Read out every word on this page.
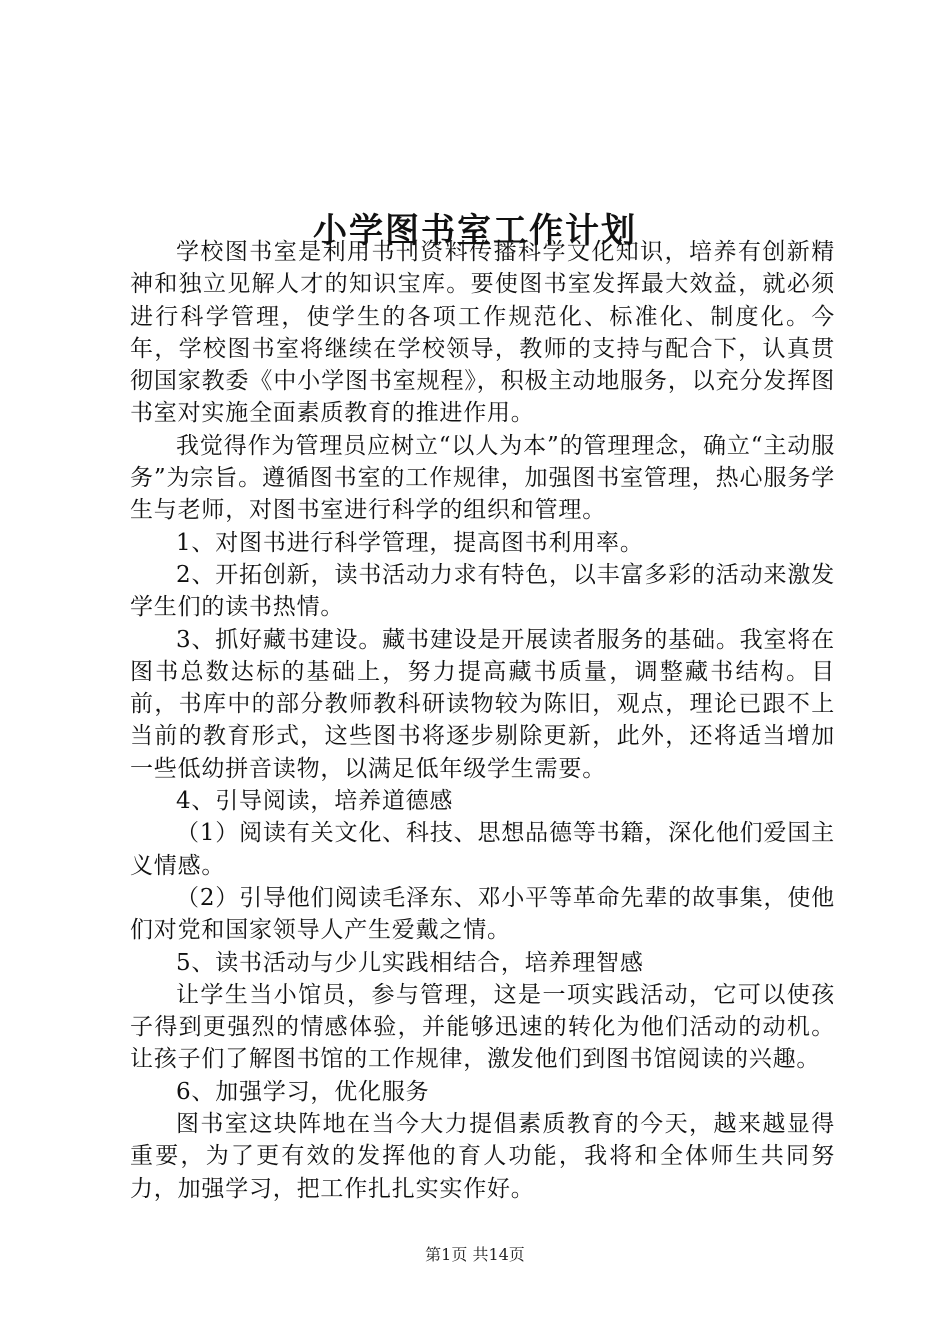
小学图书室工作计划

学校图书室是利用书刊资料传播科学文化知识，培养有创新精神和独立见解人才的知识宝库。要使图书室发挥最大效益，就必须进行科学管理，使学生的各项工作规范化、标准化、制度化。今年，学校图书室将继续在学校领导，教师的支持与配合下，认真贯彻国家教委《中小学图书室规程》，积极主动地服务，以充分发挥图书室对实施全面素质教育的推进作用。

我觉得作为管理员应树立“以人为本”的管理理念，确立“主动服务”为宗旨。遵循图书室的工作规律，加强图书室管理，热心服务学生与老师，对图书室进行科学的组织和管理。

1、对图书进行科学管理，提高图书利用率。

2、开拓创新，读书活动力求有特色，以丰富多彩的活动来激发学生们的读书热情。

3、抓好藏书建设。藏书建设是开展读者服务的基础。我室将在图书总数达标的基础上，努力提高藏书质量，调整藏书结构。目前，书库中的部分教师教科研读物较为陈旧，观点，理论已跟不上当前的教育形式，这些图书将逐步剔除更新，此外，还将适当增加一些低幼拼音读物，以满足低年级学生需要。

4、引导阅读，培养道德感

（1）阅读有关文化、科技、思想品德等书籍，深化他们爱国主义情感。

（2）引导他们阅读毛泽东、邓小平等革命先辈的故事集，使他们对党和国家领导人产生爱戴之情。

5、读书活动与少儿实践相结合，培养理智感

让学生当小馆员，参与管理，这是一项实践活动，它可以使孩子得到更强烈的情感体验，并能够迅速的转化为他们活动的动机。让孩子们了解图书馆的工作规律，激发他们到图书馆阅读的兴趣。

6、加强学习，优化服务

图书室这块阵地在当今大力提倡素质教育的今天，越来越显得重要，为了更有效的发挥他的育人功能，我将和全体师生共同努力，加强学习，把工作扎扎实实作好。

第1页 共14页
